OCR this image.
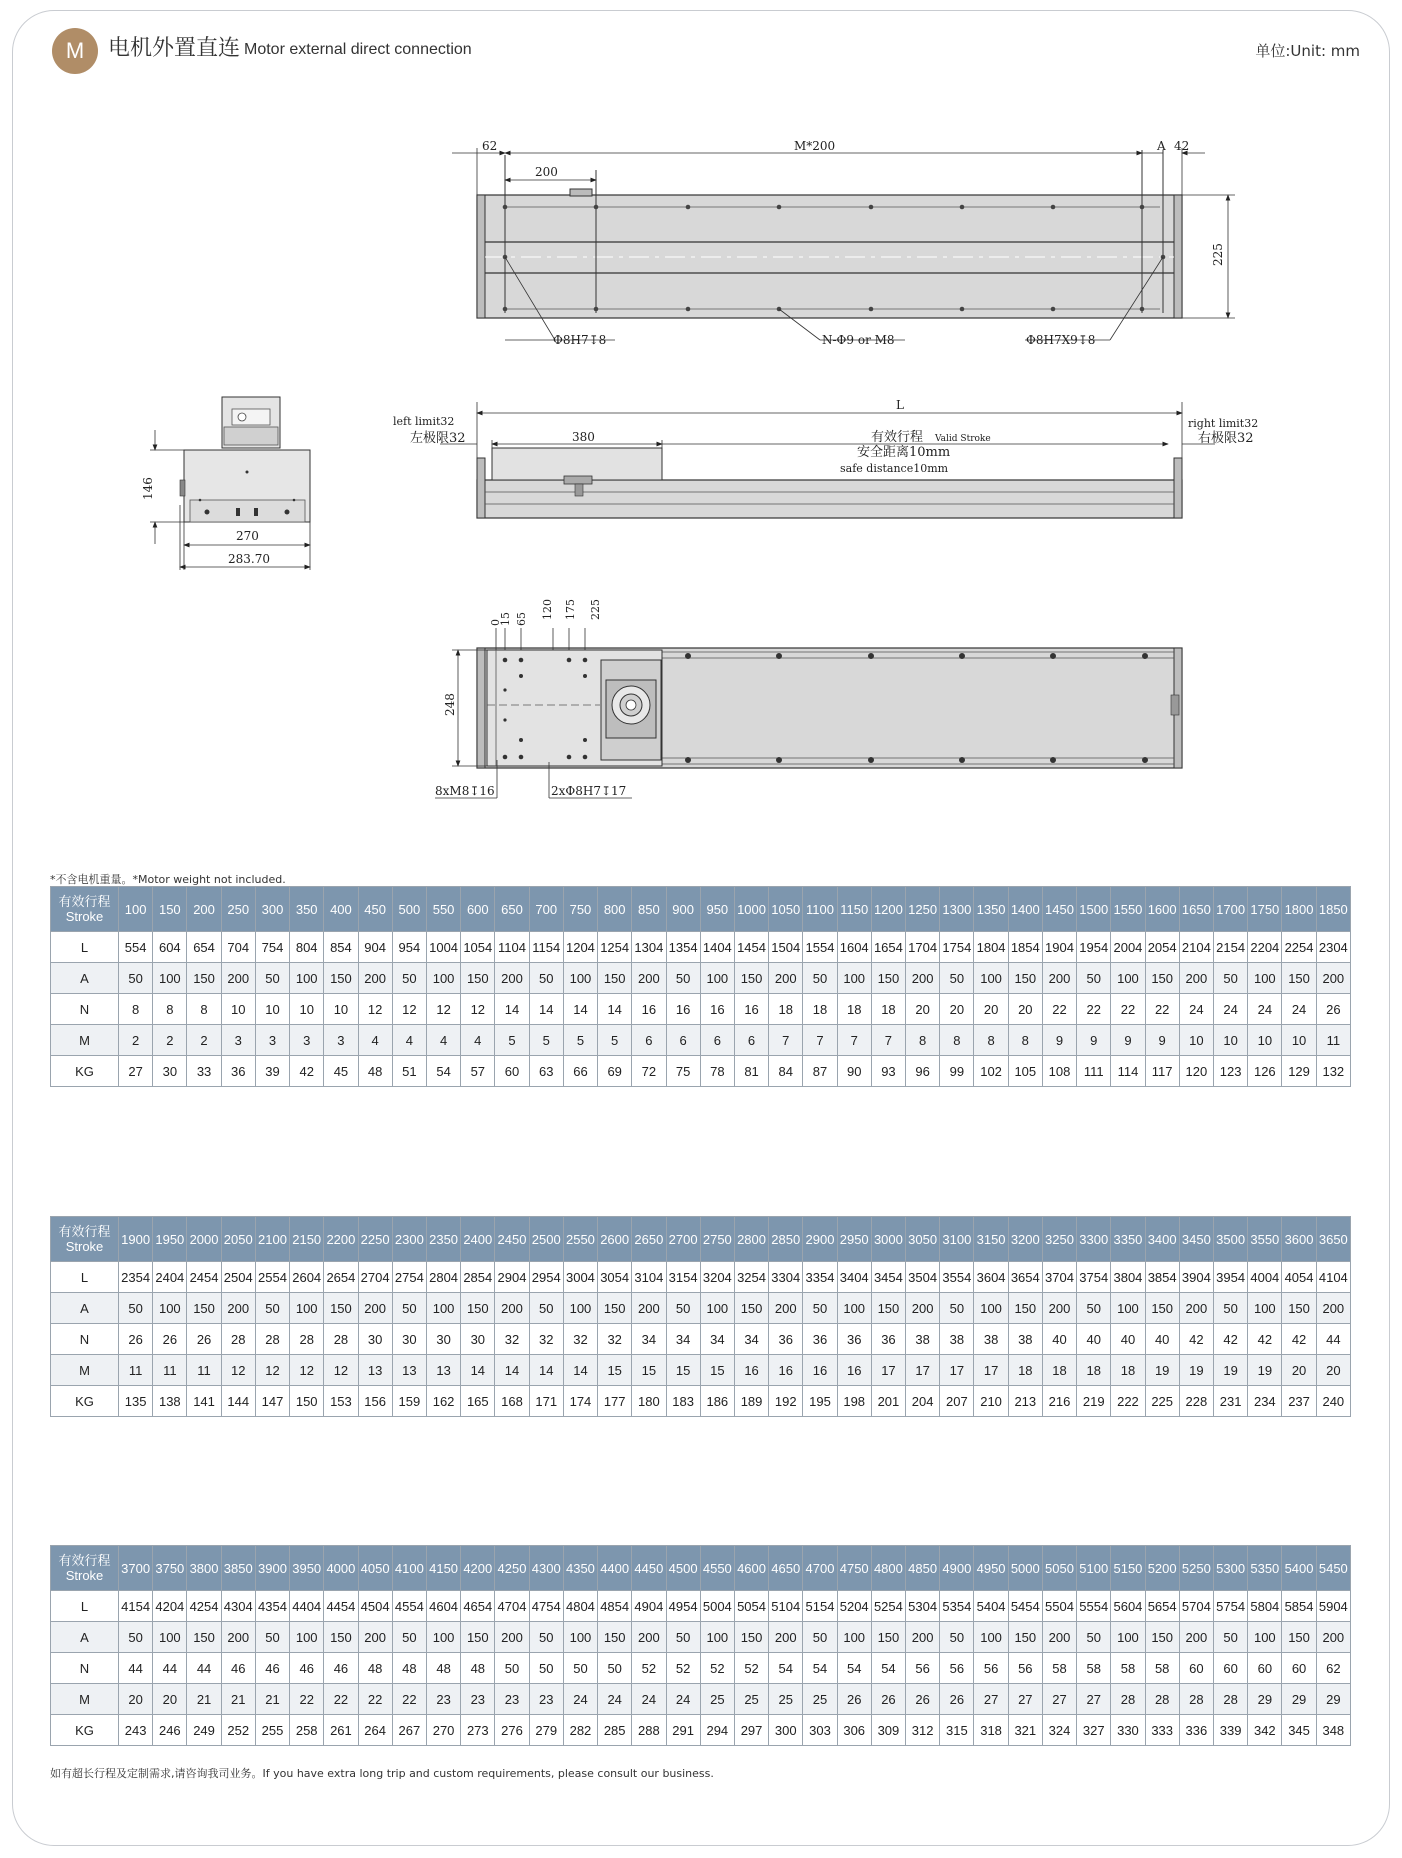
M	电机外置直连 Motor external direct connection	单位:Unit: mm
62	M*200	A 42
200
225
Φ8H7↧8	N-Φ9 or M8	Φ8H7X9↧8
146
270
283.70
L
380
left limit32
左极限32
right limit32
右极限32
有效行程 Valid Stroke
安全距离10mm
safe distance10mm
0
15 65 120 175 225
248
8xM8↧16	2xΦ8H7↧17
*不含电机重量。*Motor weight not included.
有效行程
Stroke	100	150	200	250	300	350	400	450	500	550	600	650	700	750	800	850	900	950	1000	1050	1100	1150	1200	1250	1300	1350	1400	1450	1500	1550	1600	1650	1700	1750	1800	1850
L	554	604	654	704	754	804	854	904	954	1004	1054	1104	1154	1204	1254	1304	1354	1404	1454	1504	1554	1604	1654	1704	1754	1804	1854	1904	1954	2004	2054	2104	2154	2204	2254	2304
A	50	100	150	200	50	100	150	200	50	100	150	200	50	100	150	200	50	100	150	200	50	100	150	200	50	100	150	200	50	100	150	200	50	100	150	200
N	8	8	8	10	10	10	10	12	12	12	12	14	14	14	14	16	16	16	16	18	18	18	18	20	20	20	20	22	22	22	22	24	24	24	24	26
M	2	2	2	3	3	3	3	4	4	4	4	5	5	5	5	6	6	6	6	7	7	7	7	8	8	8	8	9	9	9	9	10	10	10	10	11
KG	27	30	33	36	39	42	45	48	51	54	57	60	63	66	69	72	75	78	81	84	87	90	93	96	99	102	105	108	111	114	117	120	123	126	129	132
有效行程
Stroke	1900	1950	2000	2050	2100	2150	2200	2250	2300	2350	2400	2450	2500	2550	2600	2650	2700	2750	2800	2850	2900	2950	3000	3050	3100	3150	3200	3250	3300	3350	3400	3450	3500	3550	3600	3650
L	2354	2404	2454	2504	2554	2604	2654	2704	2754	2804	2854	2904	2954	3004	3054	3104	3154	3204	3254	3304	3354	3404	3454	3504	3554	3604	3654	3704	3754	3804	3854	3904	3954	4004	4054	4104
A	50	100	150	200	50	100	150	200	50	100	150	200	50	100	150	200	50	100	150	200	50	100	150	200	50	100	150	200	50	100	150	200	50	100	150	200
N	26	26	26	28	28	28	28	30	30	30	30	32	32	32	32	34	34	34	34	36	36	36	36	38	38	38	38	40	40	40	40	42	42	42	42	44
M	11	11	11	12	12	12	12	13	13	13	14	14	14	14	15	15	15	15	16	16	16	16	17	17	17	17	18	18	18	18	19	19	19	19	20	20
KG	135	138	141	144	147	150	153	156	159	162	165	168	171	174	177	180	183	186	189	192	195	198	201	204	207	210	213	216	219	222	225	228	231	234	237	240
有效行程
Stroke	3700	3750	3800	3850	3900	3950	4000	4050	4100	4150	4200	4250	4300	4350	4400	4450	4500	4550	4600	4650	4700	4750	4800	4850	4900	4950	5000	5050	5100	5150	5200	5250	5300	5350	5400	5450
L	4154	4204	4254	4304	4354	4404	4454	4504	4554	4604	4654	4704	4754	4804	4854	4904	4954	5004	5054	5104	5154	5204	5254	5304	5354	5404	5454	5504	5554	5604	5654	5704	5754	5804	5854	5904
A	50	100	150	200	50	100	150	200	50	100	150	200	50	100	150	200	50	100	150	200	50	100	150	200	50	100	150	200	50	100	150	200	50	100	150	200
N	44	44	44	46	46	46	46	48	48	48	48	50	50	50	50	52	52	52	52	54	54	54	54	56	56	56	56	58	58	58	58	60	60	60	60	62
M	20	20	21	21	21	22	22	22	22	23	23	23	23	24	24	24	24	25	25	25	25	26	26	26	26	27	27	27	27	28	28	28	28	29	29	29
KG	243	246	249	252	255	258	261	264	267	270	273	276	279	282	285	288	291	294	297	300	303	306	309	312	315	318	321	324	327	330	333	336	339	342	345	348
如有超长行程及定制需求,请咨询我司业务。If you have extra long trip and custom requirements, please consult our business.
